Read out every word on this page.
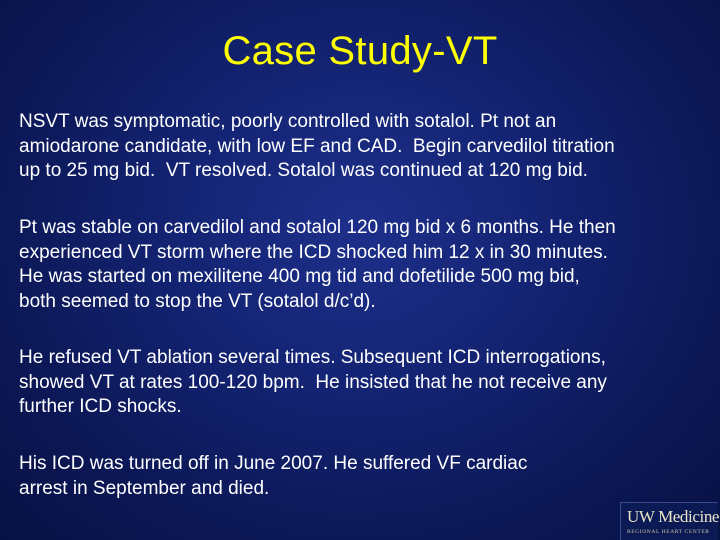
Case Study-VT
NSVT was symptomatic, poorly controlled with sotalol. Pt not an
amiodarone candidate, with low EF and CAD.  Begin carvedilol titration
up to 25 mg bid.  VT resolved. Sotalol was continued at 120 mg bid.
Pt was stable on carvedilol and sotalol 120 mg bid x 6 months. He then
experienced VT storm where the ICD shocked him 12 x in 30 minutes.
He was started on mexilitene 400 mg tid and dofetilide 500 mg bid,
both seemed to stop the VT (sotalol d/c’d).
He refused VT ablation several times. Subsequent ICD interrogations,
showed VT at rates 100-120 bpm.  He insisted that he not receive any
further ICD shocks.
His ICD was turned off in June 2007. He suffered VF cardiac
arrest in September and died.
UW Medicine
REGIONAL HEART CENTER
